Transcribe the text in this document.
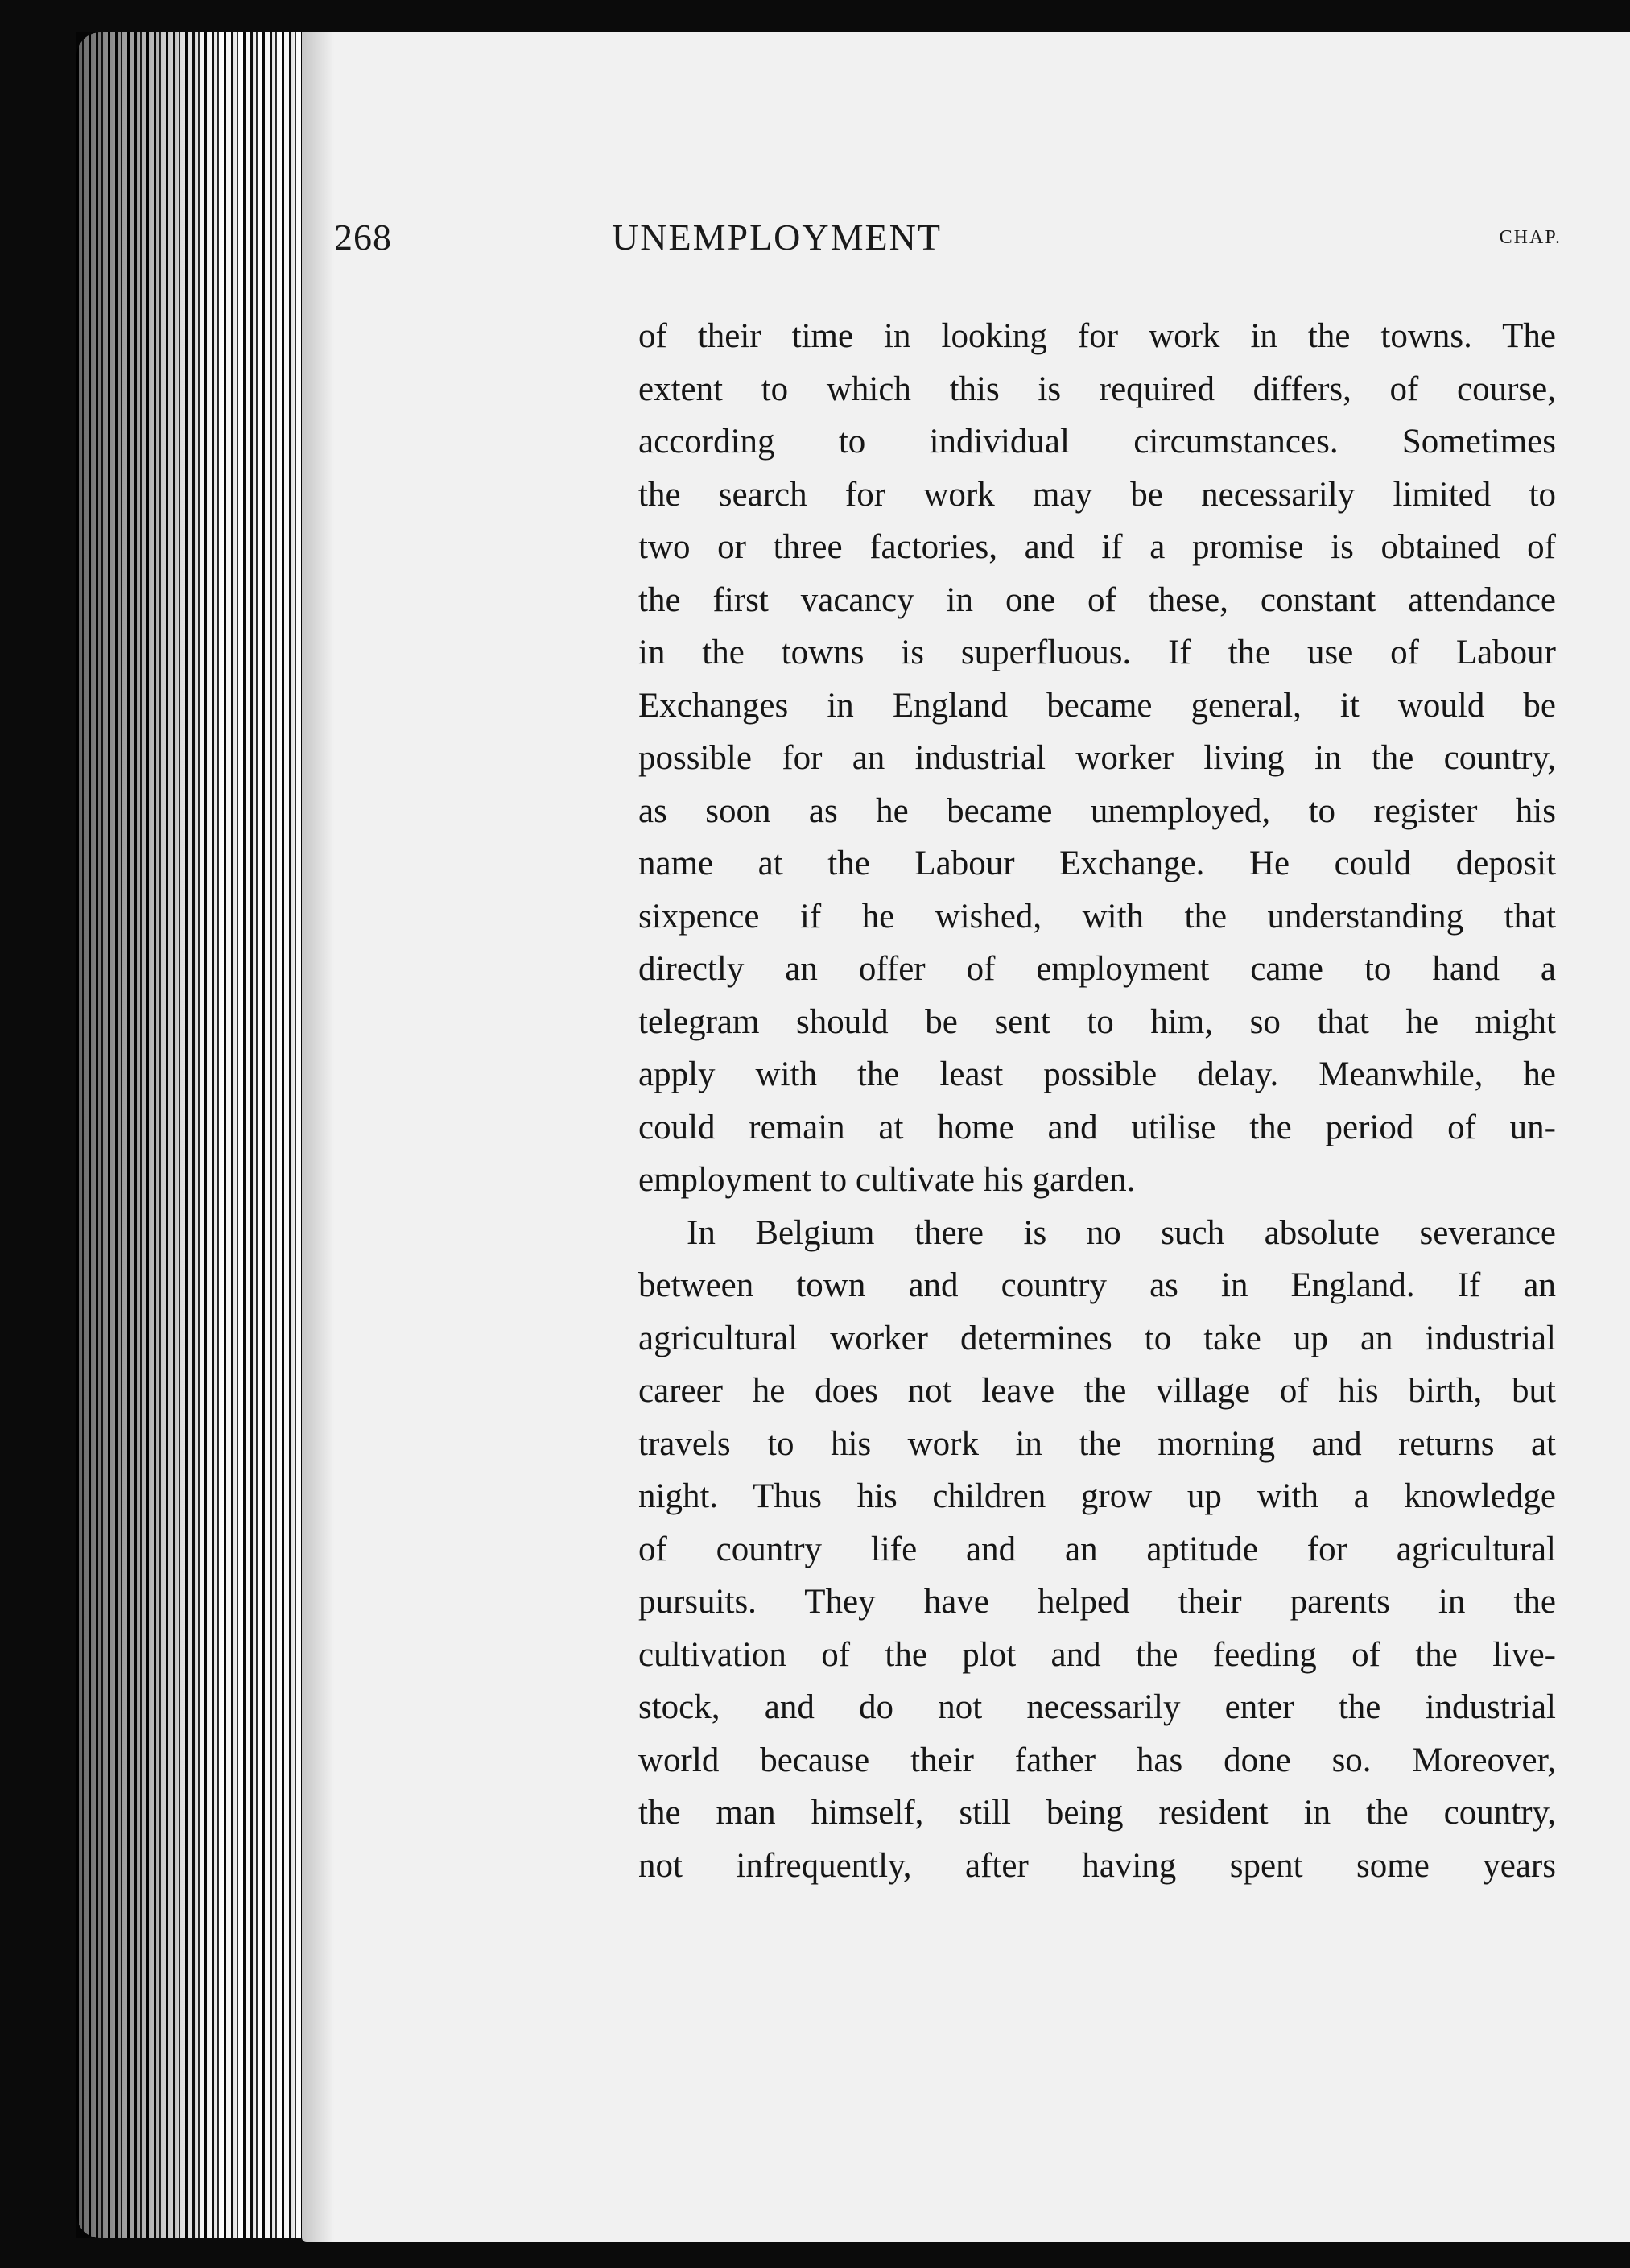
268	UNEMPLOYMENT	CHAP.
of their time in looking for work in the towns. The
extent to which this is required differs, of course,
according to individual circumstances. Sometimes
the search for work may be necessarily limited to
two or three factories, and if a promise is obtained of
the first vacancy in one of these, constant attendance
in the towns is superfluous. If the use of Labour
Exchanges in England became general, it would be
possible for an industrial worker living in the country,
as soon as he became unemployed, to register his
name at the Labour Exchange. He could deposit
sixpence if he wished, with the understanding that
directly an offer of employment came to hand a
telegram should be sent to him, so that he might
apply with the least possible delay. Meanwhile, he
could remain at home and utilise the period of un-
employment to cultivate his garden.
In Belgium there is no such absolute severance
between town and country as in England. If an
agricultural worker determines to take up an industrial
career he does not leave the village of his birth, but
travels to his work in the morning and returns at
night. Thus his children grow up with a knowledge
of country life and an aptitude for agricultural
pursuits. They have helped their parents in the
cultivation of the plot and the feeding of the live-
stock, and do not necessarily enter the industrial
world because their father has done so. Moreover,
the man himself, still being resident in the country,
not infrequently, after having spent some years
